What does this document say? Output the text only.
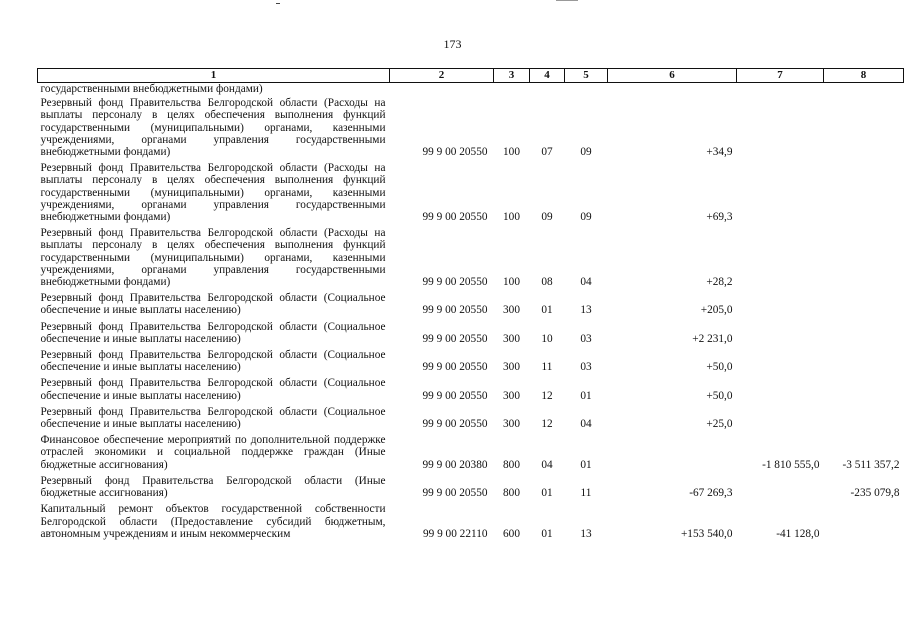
173
1	2	3	4	5	6	7	8
государственными внебюджетными фондами)							
Резервный фонд Правительства Белгородской области (Расходы на выплаты персоналу в целях обеспечения выполнения функций государственными (муниципальными) органами, казенными учреждениями, органами управления государственными внебюджетными фондами)	99 9 00 20550	100	07	09	+34,9		
Резервный фонд Правительства Белгородской области (Расходы на выплаты персоналу в целях обеспечения выполнения функций государственными (муниципальными) органами, казенными учреждениями, органами управления государственными внебюджетными фондами)	99 9 00 20550	100	09	09	+69,3		
Резервный фонд Правительства Белгородской области (Расходы на выплаты персоналу в целях обеспечения выполнения функций государственными (муниципальными) органами, казенными учреждениями, органами управления государственными внебюджетными фондами)	99 9 00 20550	100	08	04	+28,2		
Резервный фонд Правительства Белгородской области (Социальное обеспечение и иные выплаты населению)	99 9 00 20550	300	01	13	+205,0		
Резервный фонд Правительства Белгородской области (Социальное обеспечение и иные выплаты населению)	99 9 00 20550	300	10	03	+2 231,0		
Резервный фонд Правительства Белгородской области (Социальное обеспечение и иные выплаты населению)	99 9 00 20550	300	11	03	+50,0		
Резервный фонд Правительства Белгородской области (Социальное обеспечение и иные выплаты населению)	99 9 00 20550	300	12	01	+50,0		
Резервный фонд Правительства Белгородской области (Социальное обеспечение и иные выплаты населению)	99 9 00 20550	300	12	04	+25,0		
Финансовое обеспечение мероприятий по дополнительной поддержке отраслей экономики и социальной поддержке граждан (Иные бюджетные ассигнования)	99 9 00 20380	800	04	01		-1 810 555,0	-3 511 357,2
Резервный фонд Правительства Белгородской области (Иные бюджетные ассигнования)	99 9 00 20550	800	01	11	-67 269,3		-235 079,8
Капитальный ремонт объектов государственной собственности Белгородской области (Предоставление субсидий бюджетным, автономным учреждениям и иным некоммерческим	99 9 00 22110	600	01	13	+153 540,0	-41 128,0	
